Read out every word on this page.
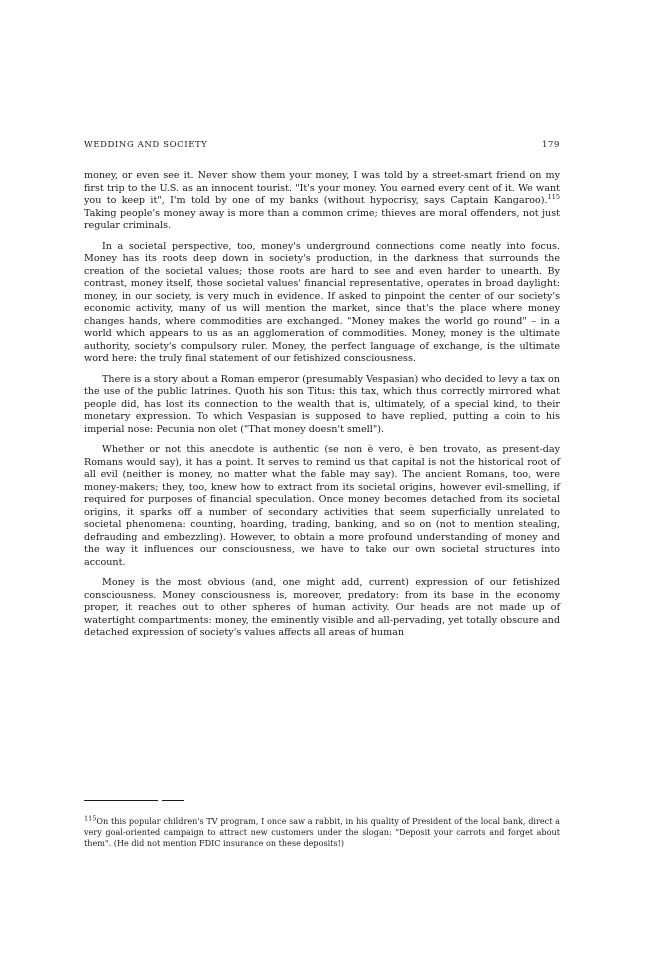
WEDDING AND SOCIETY	179

money, or even see it. Never show them your money, I was told by a street-smart friend on my first trip to the U.S. as an innocent tourist. "It's your money. You earned every cent of it. We want you to keep it", I'm told by one of my banks (without hypocrisy, says Captain Kangaroo).$^{115}$ Taking people's money away is more than a common crime; thieves are moral offenders, not just regular criminals.

In a societal perspective, too, money's underground connections come neatly into focus. Money has its roots deep down in society's production, in the darkness that surrounds the creation of the societal values; those roots are hard to see and even harder to unearth. By contrast, money itself, those societal values' financial representative, operates in broad daylight: money, in our society, is very much in evidence. If asked to pinpoint the center of our society's economic activity, many of us will mention the market, since that's the place where money changes hands, where commodities are exchanged. "Money makes the world go round" – in a world which appears to us as an agglomeration of commodities. Money, money is the ultimate authority, society's compulsory ruler. Money, the perfect language of exchange, is the ultimate word here: the truly final statement of our fetishized consciousness.

There is a story about a Roman emperor (presumably Vespasian) who decided to levy a tax on the use of the public latrines. Quoth his son Titus: this tax, which thus correctly mirrored what people did, has lost its connection to the wealth that is, ultimately, of a special kind, to their monetary expression. To which Vespasian is supposed to have replied, putting a coin to his imperial nose: Pecunia non olet ("That money doesn't smell").

Whether or not this anecdote is authentic (se non è vero, è ben trovato, as present-day Romans would say), it has a point. It serves to remind us that capital is not the historical root of all evil (neither is money, no matter what the fable may say). The ancient Romans, too, were money-makers; they, too, knew how to extract from its societal origins, however evil-smelling, if required for purposes of financial speculation. Once money becomes detached from its societal origins, it sparks off a number of secondary activities that seem superficially unrelated to societal phenomena: counting, hoarding, trading, banking, and so on (not to mention stealing, defrauding and embezzling). However, to obtain a more profound understanding of money and the way it influences our consciousness, we have to take our own societal structures into account.

Money is the most obvious (and, one might add, current) expression of our fetishized consciousness. Money consciousness is, moreover, predatory: from its base in the economy proper, it reaches out to other spheres of human activity. Our heads are not made up of watertight compartments: money, the eminently visible and all-pervading, yet totally obscure and detached expression of society's values affects all areas of human

$^{115}$On this popular children's TV program, I once saw a rabbit, in his quality of President of the local bank, direct a very goal-oriented campaign to attract new customers under the slogan: "Deposit your carrots and forget about them". (He did not mention FDIC insurance on these deposits!)
